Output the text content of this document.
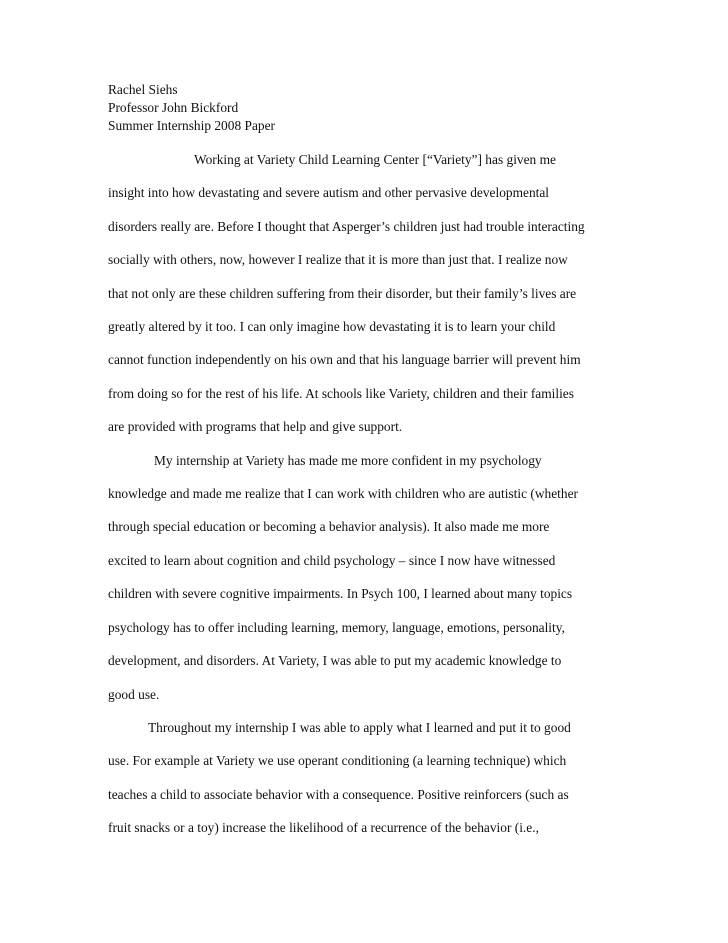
Rachel Siehs
Professor John Bickford
Summer Internship 2008 Paper
Working at Variety Child Learning Center [“Variety”] has given me
insight into how devastating and severe autism and other pervasive developmental
disorders really are. Before I thought that Asperger’s children just had trouble interacting
socially with others, now, however I realize that it is more than just that. I realize now
that not only are these children suffering from their disorder, but their family’s lives are
greatly altered by it too. I can only imagine how devastating it is to learn your child
cannot function independently on his own and that his language barrier will prevent him
from doing so for the rest of his life. At schools like Variety, children and their families
are provided with programs that help and give support.
My internship at Variety has made me more confident in my psychology
knowledge and made me realize that I can work with children who are autistic (whether
through special education or becoming a behavior analysis). It also made me more
excited to learn about cognition and child psychology – since I now have witnessed
children with severe cognitive impairments. In Psych 100, I learned about many topics
psychology has to offer including learning, memory, language, emotions, personality,
development, and disorders. At Variety, I was able to put my academic knowledge to
good use.
Throughout my internship I was able to apply what I learned and put it to good
use. For example at Variety we use operant conditioning (a learning technique) which
teaches a child to associate behavior with a consequence. Positive reinforcers (such as
fruit snacks or a toy) increase the likelihood of a recurrence of the behavior (i.e.,
